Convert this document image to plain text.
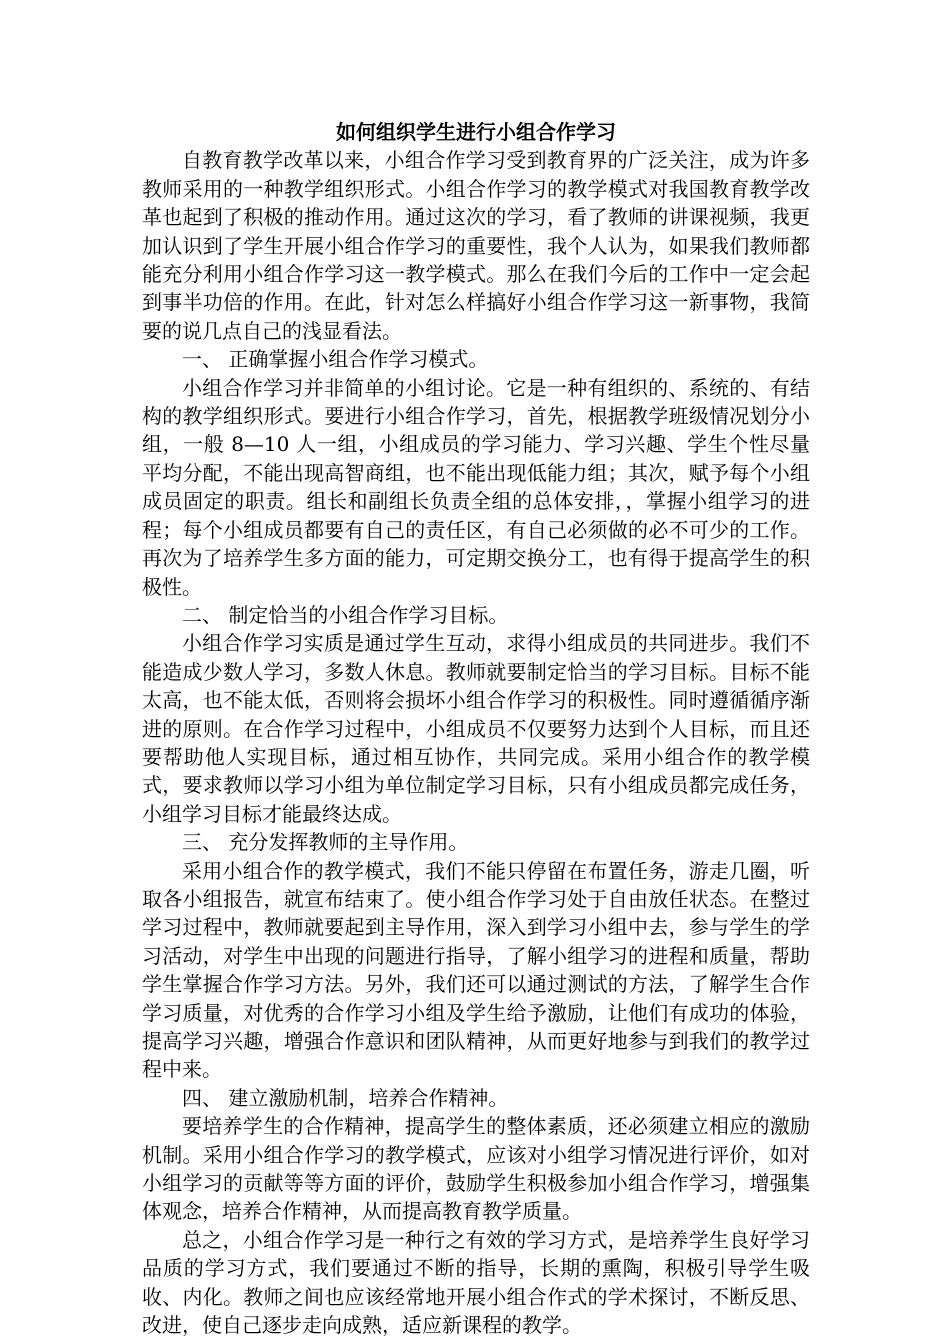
如何组织学生进行小组合作学习

自教育教学改革以来，小组合作学习受到教育界的广泛关注，成为许多教师采用的一种教学组织形式。小组合作学习的教学模式对我国教育教学改革也起到了积极的推动作用。通过这次的学习，看了教师的讲课视频，我更加认识到了学生开展小组合作学习的重要性，我个人认为，如果我们教师都能充分利用小组合作学习这一教学模式。那么在我们今后的工作中一定会起到事半功倍的作用。在此，针对怎么样搞好小组合作学习这一新事物，我简要的说几点自己的浅显看法。

一、 正确掌握小组合作学习模式。

小组合作学习并非简单的小组讨论。它是一种有组织的、系统的、有结构的教学组织形式。要进行小组合作学习，首先，根据教学班级情况划分小组，一般 8—10 人一组，小组成员的学习能力、学习兴趣、学生个性尽量平均分配，不能出现高智商组，也不能出现低能力组；其次，赋予每个小组成员固定的职责。组长和副组长负责全组的总体安排，，掌握小组学习的进程；每个小组成员都要有自己的责任区，有自己必须做的必不可少的工作。再次为了培养学生多方面的能力，可定期交换分工，也有得于提高学生的积极性。

二、 制定恰当的小组合作学习目标。

小组合作学习实质是通过学生互动，求得小组成员的共同进步。我们不能造成少数人学习，多数人休息。教师就要制定恰当的学习目标。目标不能太高，也不能太低，否则将会损坏小组合作学习的积极性。同时遵循循序渐进的原则。在合作学习过程中，小组成员不仅要努力达到个人目标，而且还要帮助他人实现目标，通过相互协作，共同完成。采用小组合作的教学模式，要求教师以学习小组为单位制定学习目标，只有小组成员都完成任务，小组学习目标才能最终达成。

三、 充分发挥教师的主导作用。

采用小组合作的教学模式，我们不能只停留在布置任务，游走几圈，听取各小组报告，就宣布结束了。使小组合作学习处于自由放任状态。在整过学习过程中，教师就要起到主导作用，深入到学习小组中去，参与学生的学习活动，对学生中出现的问题进行指导，了解小组学习的进程和质量，帮助学生掌握合作学习方法。另外，我们还可以通过测试的方法，了解学生合作学习质量，对优秀的合作学习小组及学生给予激励，让他们有成功的体验，提高学习兴趣，增强合作意识和团队精神，从而更好地参与到我们的教学过程中来。

四、 建立激励机制，培养合作精神。

要培养学生的合作精神，提高学生的整体素质，还必须建立相应的激励机制。采用小组合作学习的教学模式，应该对小组学习情况进行评价，如对小组学习的贡献等等方面的评价，鼓励学生积极参加小组合作学习，增强集体观念，培养合作精神，从而提高教育教学质量。

总之，小组合作学习是一种行之有效的学习方式，是培养学生良好学习品质的学习方式，我们要通过不断的指导，长期的熏陶，积极引导学生吸收、内化。教师之间也应该经常地开展小组合作式的学术探讨，不断反思、改进，使自己逐步走向成熟，适应新课程的教学。
